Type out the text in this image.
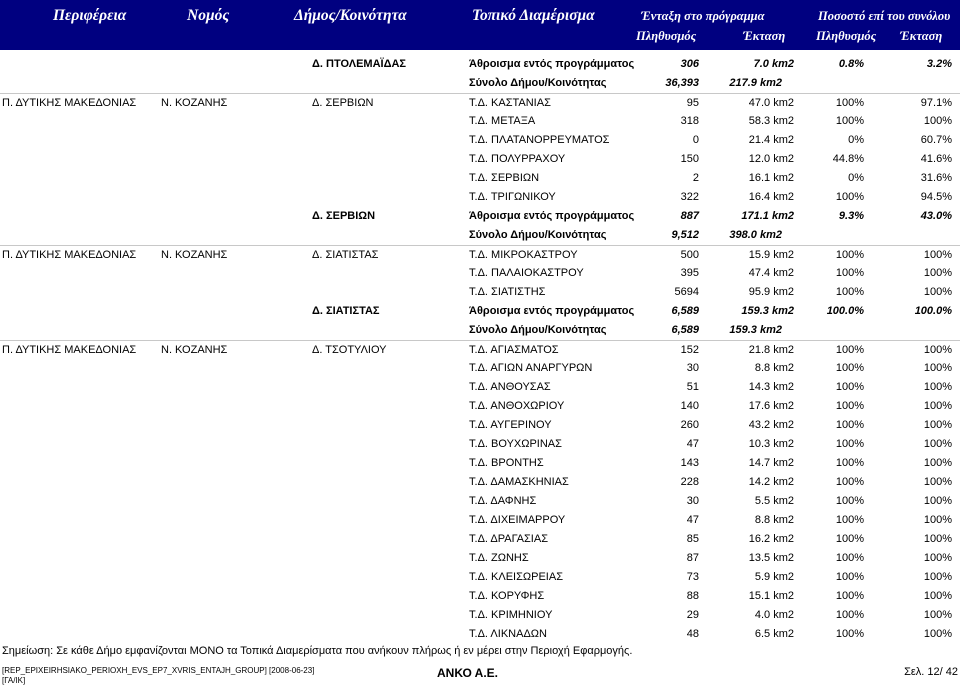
Περιφέρεια	Νομός	Δήμος/Κοινότητα	Τοπικό Διαμέρισμα	Ένταξη στο πρόγραμμα	Ποσοστό επί του συνόλου
Πληθυσμός	Έκταση Πληθυσμός Έκταση
Δ. ΠΤΟΛΕΜΑΪΔΑΣ	Άθροισμα εντός προγράμματος	306	7.0 km2	0.8%	3.2%
Σύνολο Δήμου/Κοινότητας	36,393	217.9 km2
Π. ΔΥΤΙΚΗΣ ΜΑΚΕΔΟΝΙΑΣ Ν. ΚΟΖΑΝΗΣ	Δ. ΣΕΡΒΙΩΝ	Τ.Δ. ΚΑΣΤΑΝΙΑΣ	95	47.0 km2	100%	97.1%
Τ.Δ. ΜΕΤΑΞΑ	318	58.3 km2	100%	100%
Τ.Δ. ΠΛΑΤΑΝΟΡΡΕΥΜΑΤΟΣ	0	21.4 km2	0%	60.7%
Τ.Δ. ΠΟΛΥΡΡΑΧΟΥ	150	12.0 km2	44.8%	41.6%
Τ.Δ. ΣΕΡΒΙΩΝ	2	16.1 km2	0%	31.6%
Τ.Δ. ΤΡΙΓΩΝΙΚΟΥ	322	16.4 km2	100%	94.5%
Δ. ΣΕΡΒΙΩΝ	Άθροισμα εντός προγράμματος	887	171.1 km2	9.3%	43.0%
Σύνολο Δήμου/Κοινότητας	9,512	398.0 km2
Π. ΔΥΤΙΚΗΣ ΜΑΚΕΔΟΝΙΑΣ Ν. ΚΟΖΑΝΗΣ	Δ. ΣΙΑΤΙΣΤΑΣ	Τ.Δ. ΜΙΚΡΟΚΑΣΤΡΟΥ	500	15.9 km2	100%	100%
Τ.Δ. ΠΑΛΑΙΟΚΑΣΤΡΟΥ	395	47.4 km2	100%	100%
Τ.Δ. ΣΙΑΤΙΣΤΗΣ	5694	95.9 km2	100%	100%
Δ. ΣΙΑΤΙΣΤΑΣ	Άθροισμα εντός προγράμματος	6,589	159.3 km2	100.0%	100.0%
Σύνολο Δήμου/Κοινότητας	6,589	159.3 km2
Π. ΔΥΤΙΚΗΣ ΜΑΚΕΔΟΝΙΑΣ Ν. ΚΟΖΑΝΗΣ	Δ. ΤΣΟΤΥΛΙΟΥ	Τ.Δ. ΑΓΙΑΣΜΑΤΟΣ	152	21.8 km2	100%	100%
Τ.Δ. ΑΓΙΩΝ ΑΝΑΡΓΥΡΩΝ	30	8.8 km2	100%	100%
Τ.Δ. ΑΝΘΟΥΣΑΣ	51	14.3 km2	100%	100%
Τ.Δ. ΑΝΘΟΧΩΡΙΟΥ	140	17.6 km2	100%	100%
Τ.Δ. ΑΥΓΕΡΙΝΟΥ	260	43.2 km2	100%	100%
Τ.Δ. ΒΟΥΧΩΡΙΝΑΣ	47	10.3 km2	100%	100%
Τ.Δ. ΒΡΟΝΤΗΣ	143	14.7 km2	100%	100%
Τ.Δ. ΔΑΜΑΣΚΗΝΙΑΣ	228	14.2 km2	100%	100%
Τ.Δ. ΔΑΦΝΗΣ	30	5.5 km2	100%	100%
Τ.Δ. ΔΙΧΕΙΜΑΡΡΟΥ	47	8.8 km2	100%	100%
Τ.Δ. ΔΡΑΓΑΣΙΑΣ	85	16.2 km2	100%	100%
Τ.Δ. ΖΩΝΗΣ	87	13.5 km2	100%	100%
Τ.Δ. ΚΛΕΙΣΩΡΕΙΑΣ	73	5.9 km2	100%	100%
Τ.Δ. ΚΟΡΥΦΗΣ	88	15.1 km2	100%	100%
Τ.Δ. ΚΡΙΜΗΝΙΟΥ	29	4.0 km2	100%	100%
Τ.Δ. ΛΙΚΝΑΔΩΝ	48	6.5 km2	100%	100%
Σημείωση: Σε κάθε Δήμο εμφανίζονται ΜΟΝΟ τα Τοπικά Διαμερίσματα που ανήκουν πλήρως ή εν μέρει στην Περιοχή Εφαρμογής.
[REP_EPIXEIRHSIAKO_PERIOXH_EVS_EP7_XVRIS_ENTAJH_GROUP] [2008-06-23]
[ΓΑ/ΙΚ]
ΑΝΚΟ Α.Ε.	Σελ. 12/ 42
